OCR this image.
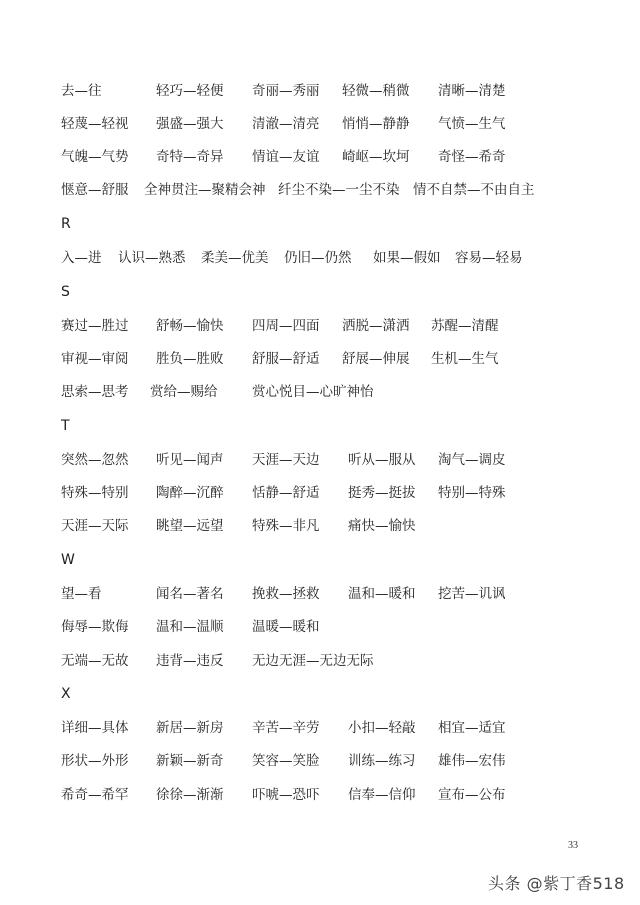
去—往	轻巧—轻便 奇丽—秀丽 轻微—稍微 清晰—清楚
轻蔑—轻视 强盛—强大 清澈—清亮 悄悄—静静 气愤—生气
气魄—气势 奇特—奇异 情谊—友谊 崎岖—坎坷 奇怪—希奇
惬意—舒服 全神贯注—聚精会神 纤尘不染—一尘不染 情不自禁—不由自主
R
入—进 认识—熟悉 柔美—优美 仍旧—仍然 如果—假如 容易—轻易
S
赛过—胜过 舒畅—愉快 四周—四面 洒脱—潇洒 苏醒—清醒
审视—审阅 胜负—胜败 舒服—舒适 舒展—伸展 生机—生气
思索—思考 赏给—赐给	赏心悦目—心旷神怡
T
突然—忽然 听见—闻声 天涯—天边 听从—服从 淘气—调皮
特殊—特别 陶醉—沉醉 恬静—舒适 挺秀—挺拔 特别—特殊
天涯—天际 眺望—远望 特殊—非凡 痛快—愉快
W
望—看	闻名—著名 挽救—拯救 温和—暖和 挖苦—讥讽
侮辱—欺侮 温和—温顺 温暖—暖和
无端—无故 违背—违反 无边无涯—无边无际
X
详细—具体 新居—新房 辛苦—辛劳 小扣—轻敲 相宜—适宜
形状—外形 新颖—新奇 笑容—笑脸 训练—练习 雄伟—宏伟
希奇—希罕 徐徐—渐渐 吓唬—恐吓 信奉—信仰 宣布—公布
33
头条 @紫丁香518
